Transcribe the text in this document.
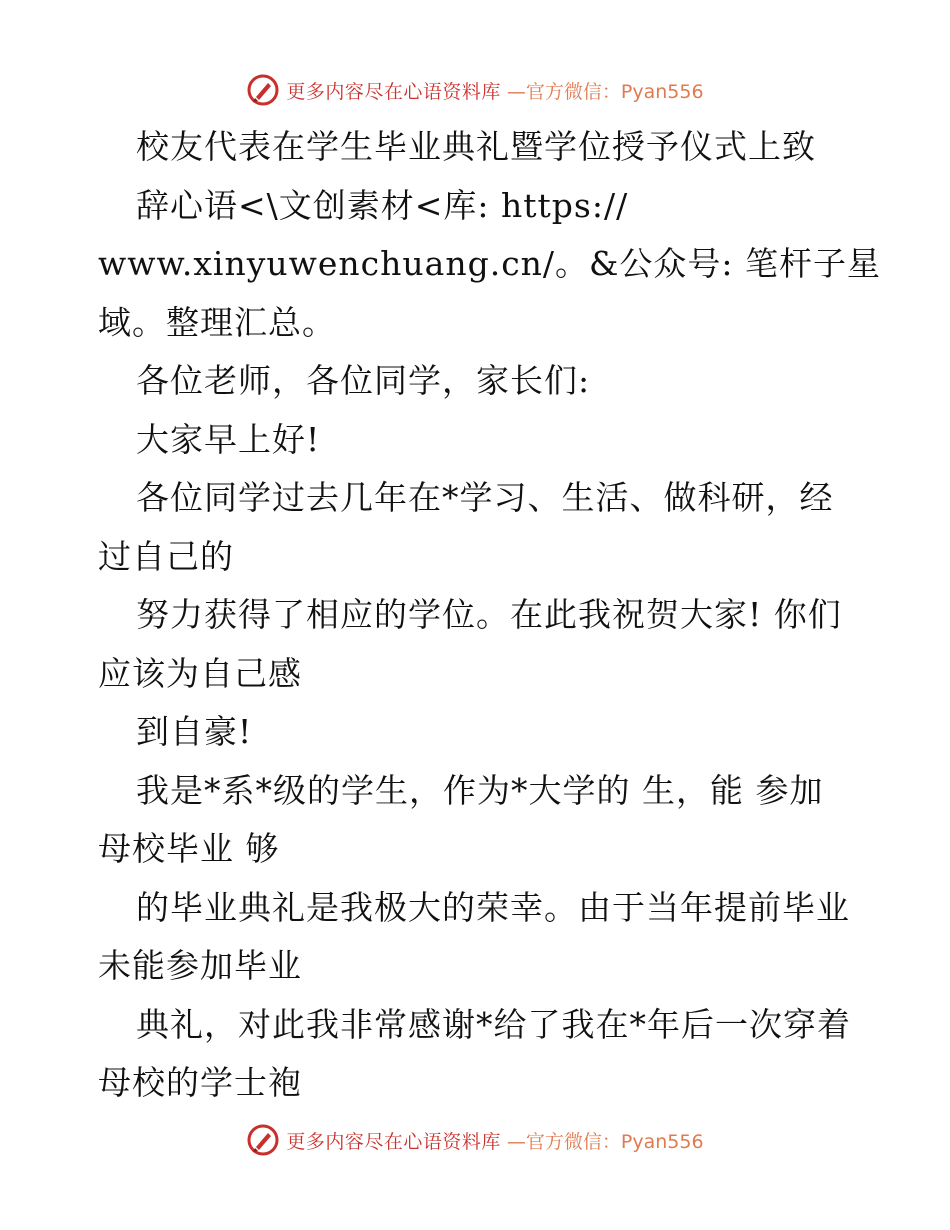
更多内容尽在心语资料库 —官方微信：Pyan556
校友代表在学生毕业典礼暨学位授予仪式上致
辞心语<\文创素材<库: https://
www.xinyuwenchuang.cn/。&公众号: 笔杆子星
域。整理汇总。
各位老师，各位同学，家长们:
大家早上好!
各位同学过去几年在*学习、生活、做科研，经
过自己的
努力获得了相应的学位。在此我祝贺大家! 你们
应该为自己感
到自豪!
我是*系*级的学生，作为*大学的 生，能 参加
母校毕业 够
的毕业典礼是我极大的荣幸。由于当年提前毕业
未能参加毕业
典礼，对此我非常感谢*给了我在*年后一次穿着
母校的学士袍
更多内容尽在心语资料库 —官方微信：Pyan556
